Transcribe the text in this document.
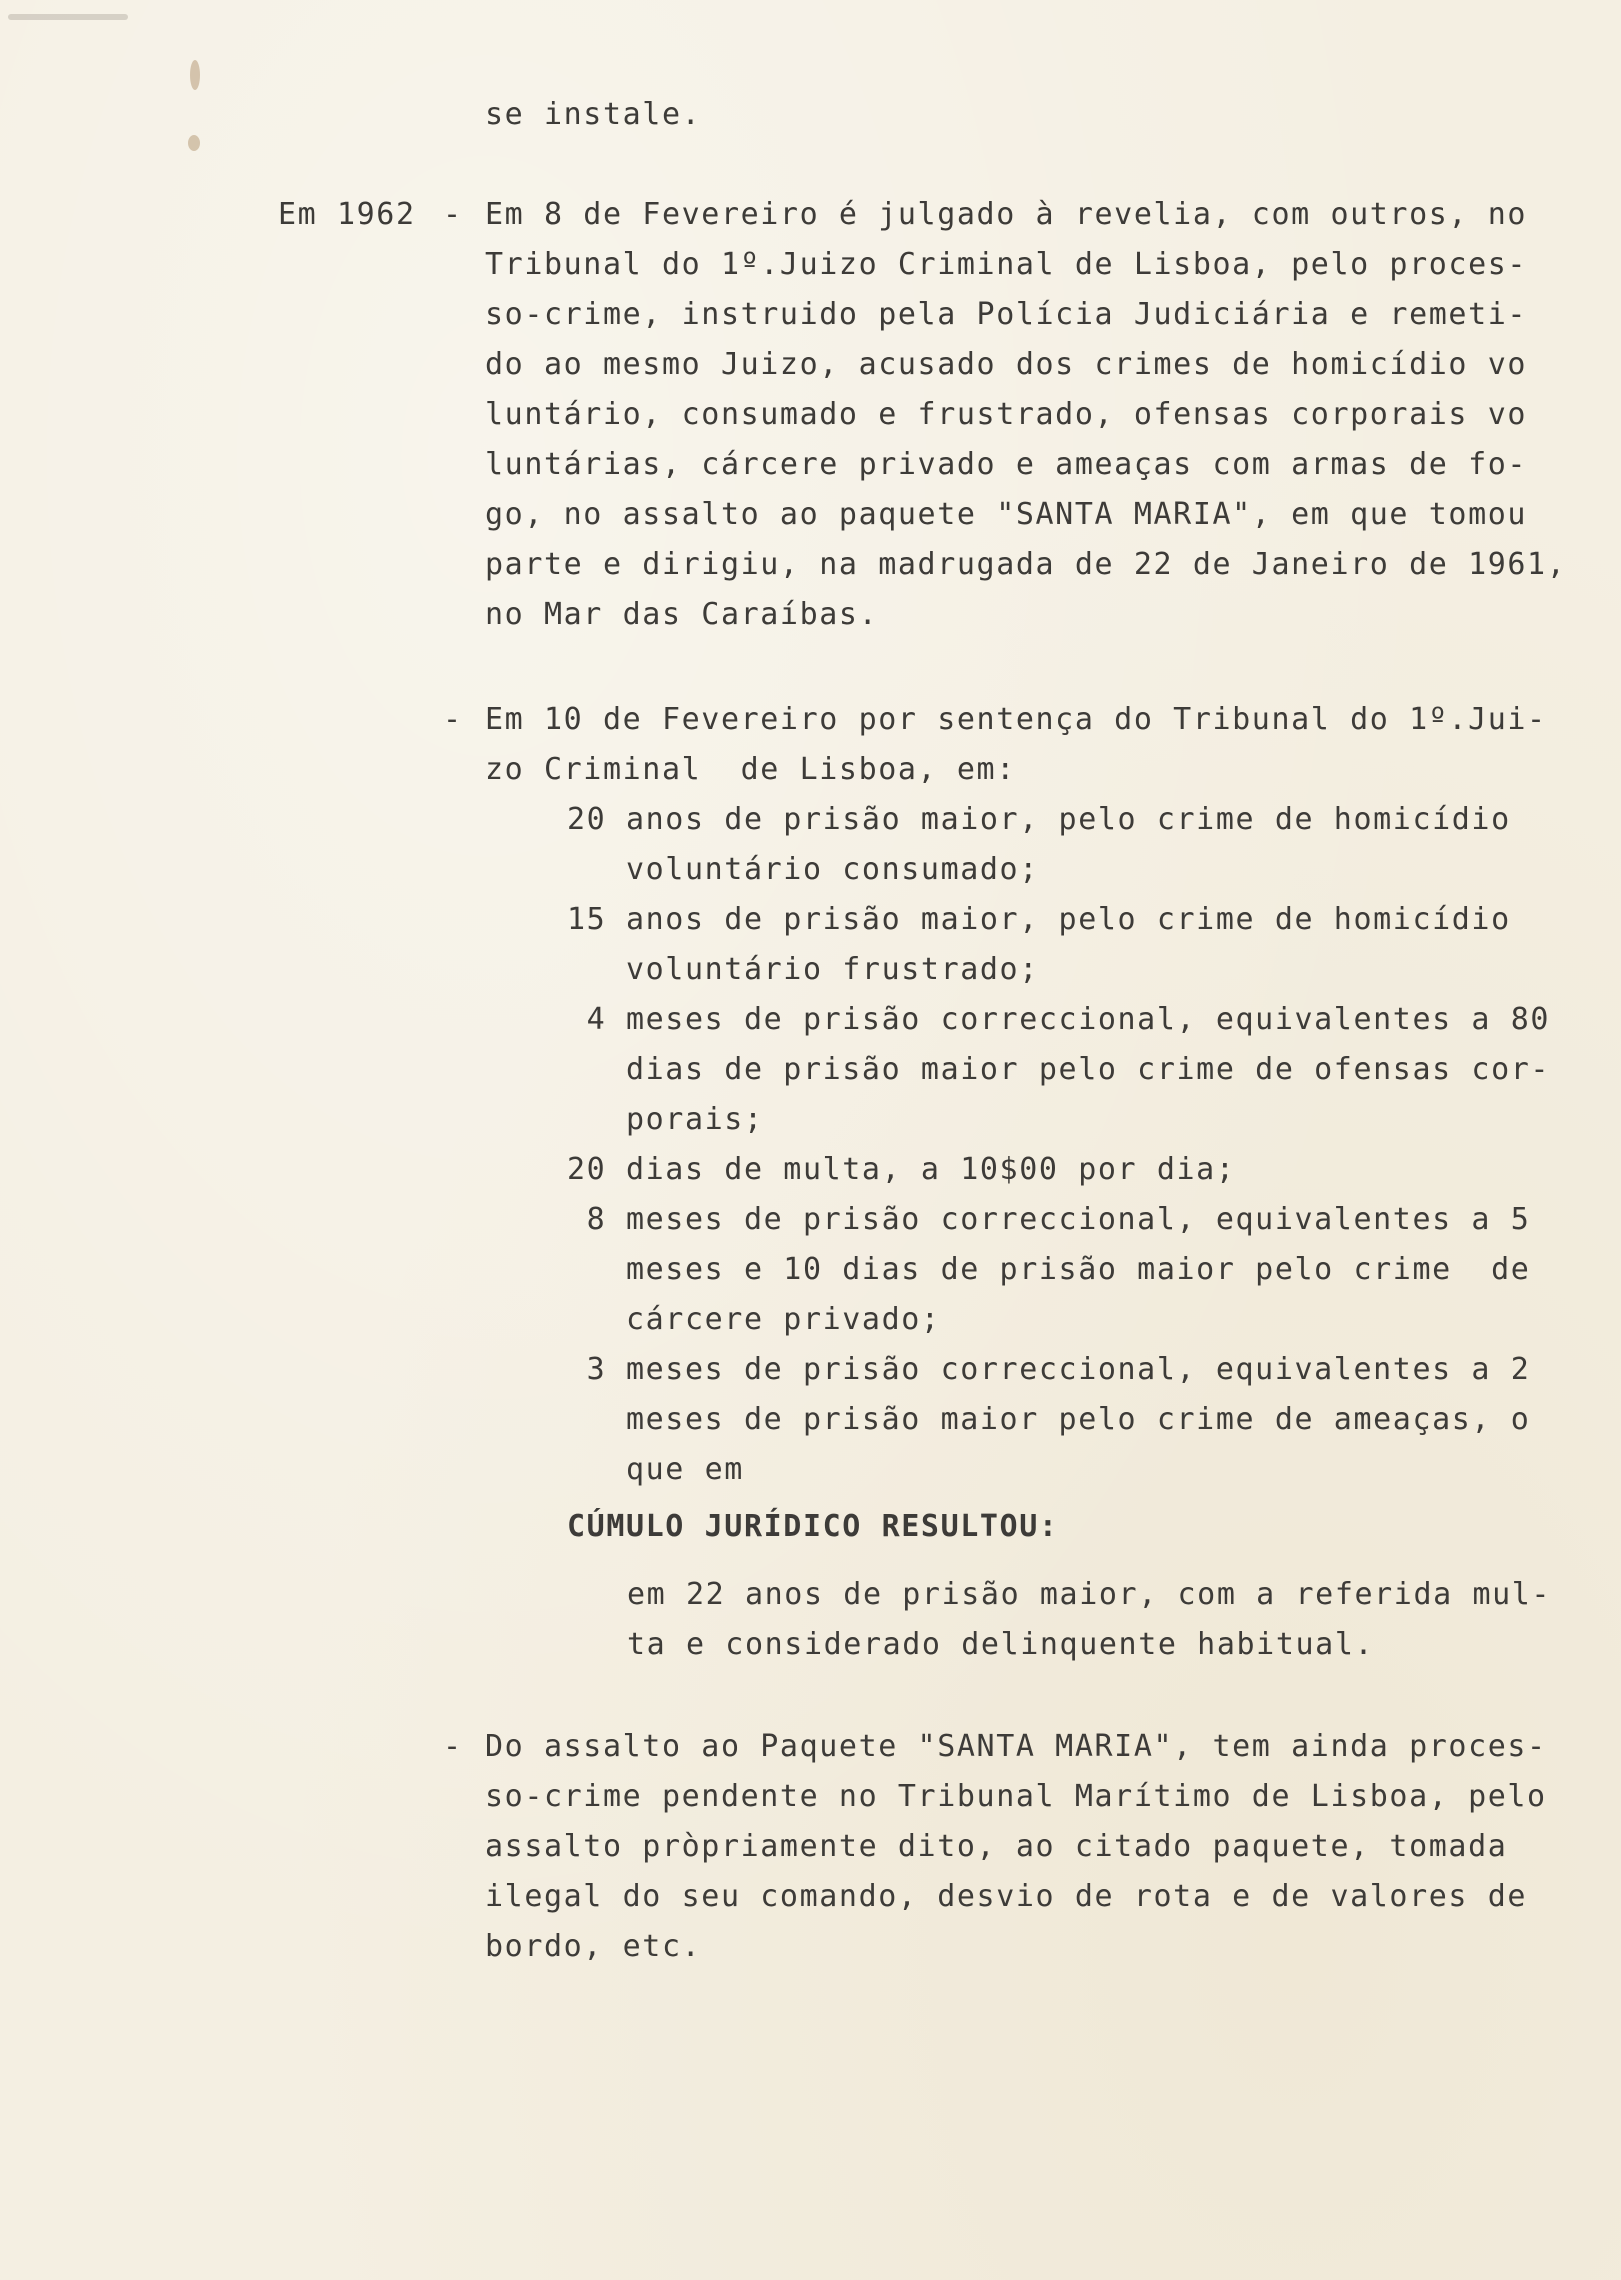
se instale.
Em 1962 - Em 8 de Fevereiro é julgado à revelia, com outros, no
Tribunal do 1º.Juizo Criminal de Lisboa, pelo proces-
so-crime, instruido pela Polícia Judiciária e remeti-
do ao mesmo Juizo, acusado dos crimes de homicídio vo
luntário, consumado e frustrado, ofensas corporais vo
luntárias, cárcere privado e ameaças com armas de fo-
go, no assalto ao paquete "SANTA MARIA", em que tomou
parte e dirigiu, na madrugada de 22 de Janeiro de 1961,
no Mar das Caraíbas.
- Em 10 de Fevereiro por sentença do Tribunal do 1º.Jui-
zo Criminal  de Lisboa, em:
20 anos de prisão maior, pelo crime de homicídio
voluntário consumado;
15 anos de prisão maior, pelo crime de homicídio
voluntário frustrado;
4 meses de prisão correccional, equivalentes a 80
dias de prisão maior pelo crime de ofensas cor-
porais;
20 dias de multa, a 10$00 por dia;
8 meses de prisão correccional, equivalentes a 5
meses e 10 dias de prisão maior pelo crime  de
cárcere privado;
3 meses de prisão correccional, equivalentes a 2
meses de prisão maior pelo crime de ameaças, o
que em
CÚMULO JURÍDICO RESULTOU:
em 22 anos de prisão maior, com a referida mul-
ta e considerado delinquente habitual.
- Do assalto ao Paquete "SANTA MARIA", tem ainda proces-
so-crime pendente no Tribunal Marítimo de Lisboa, pelo
assalto pròpriamente dito, ao citado paquete, tomada
ilegal do seu comando, desvio de rota e de valores de
bordo, etc.
